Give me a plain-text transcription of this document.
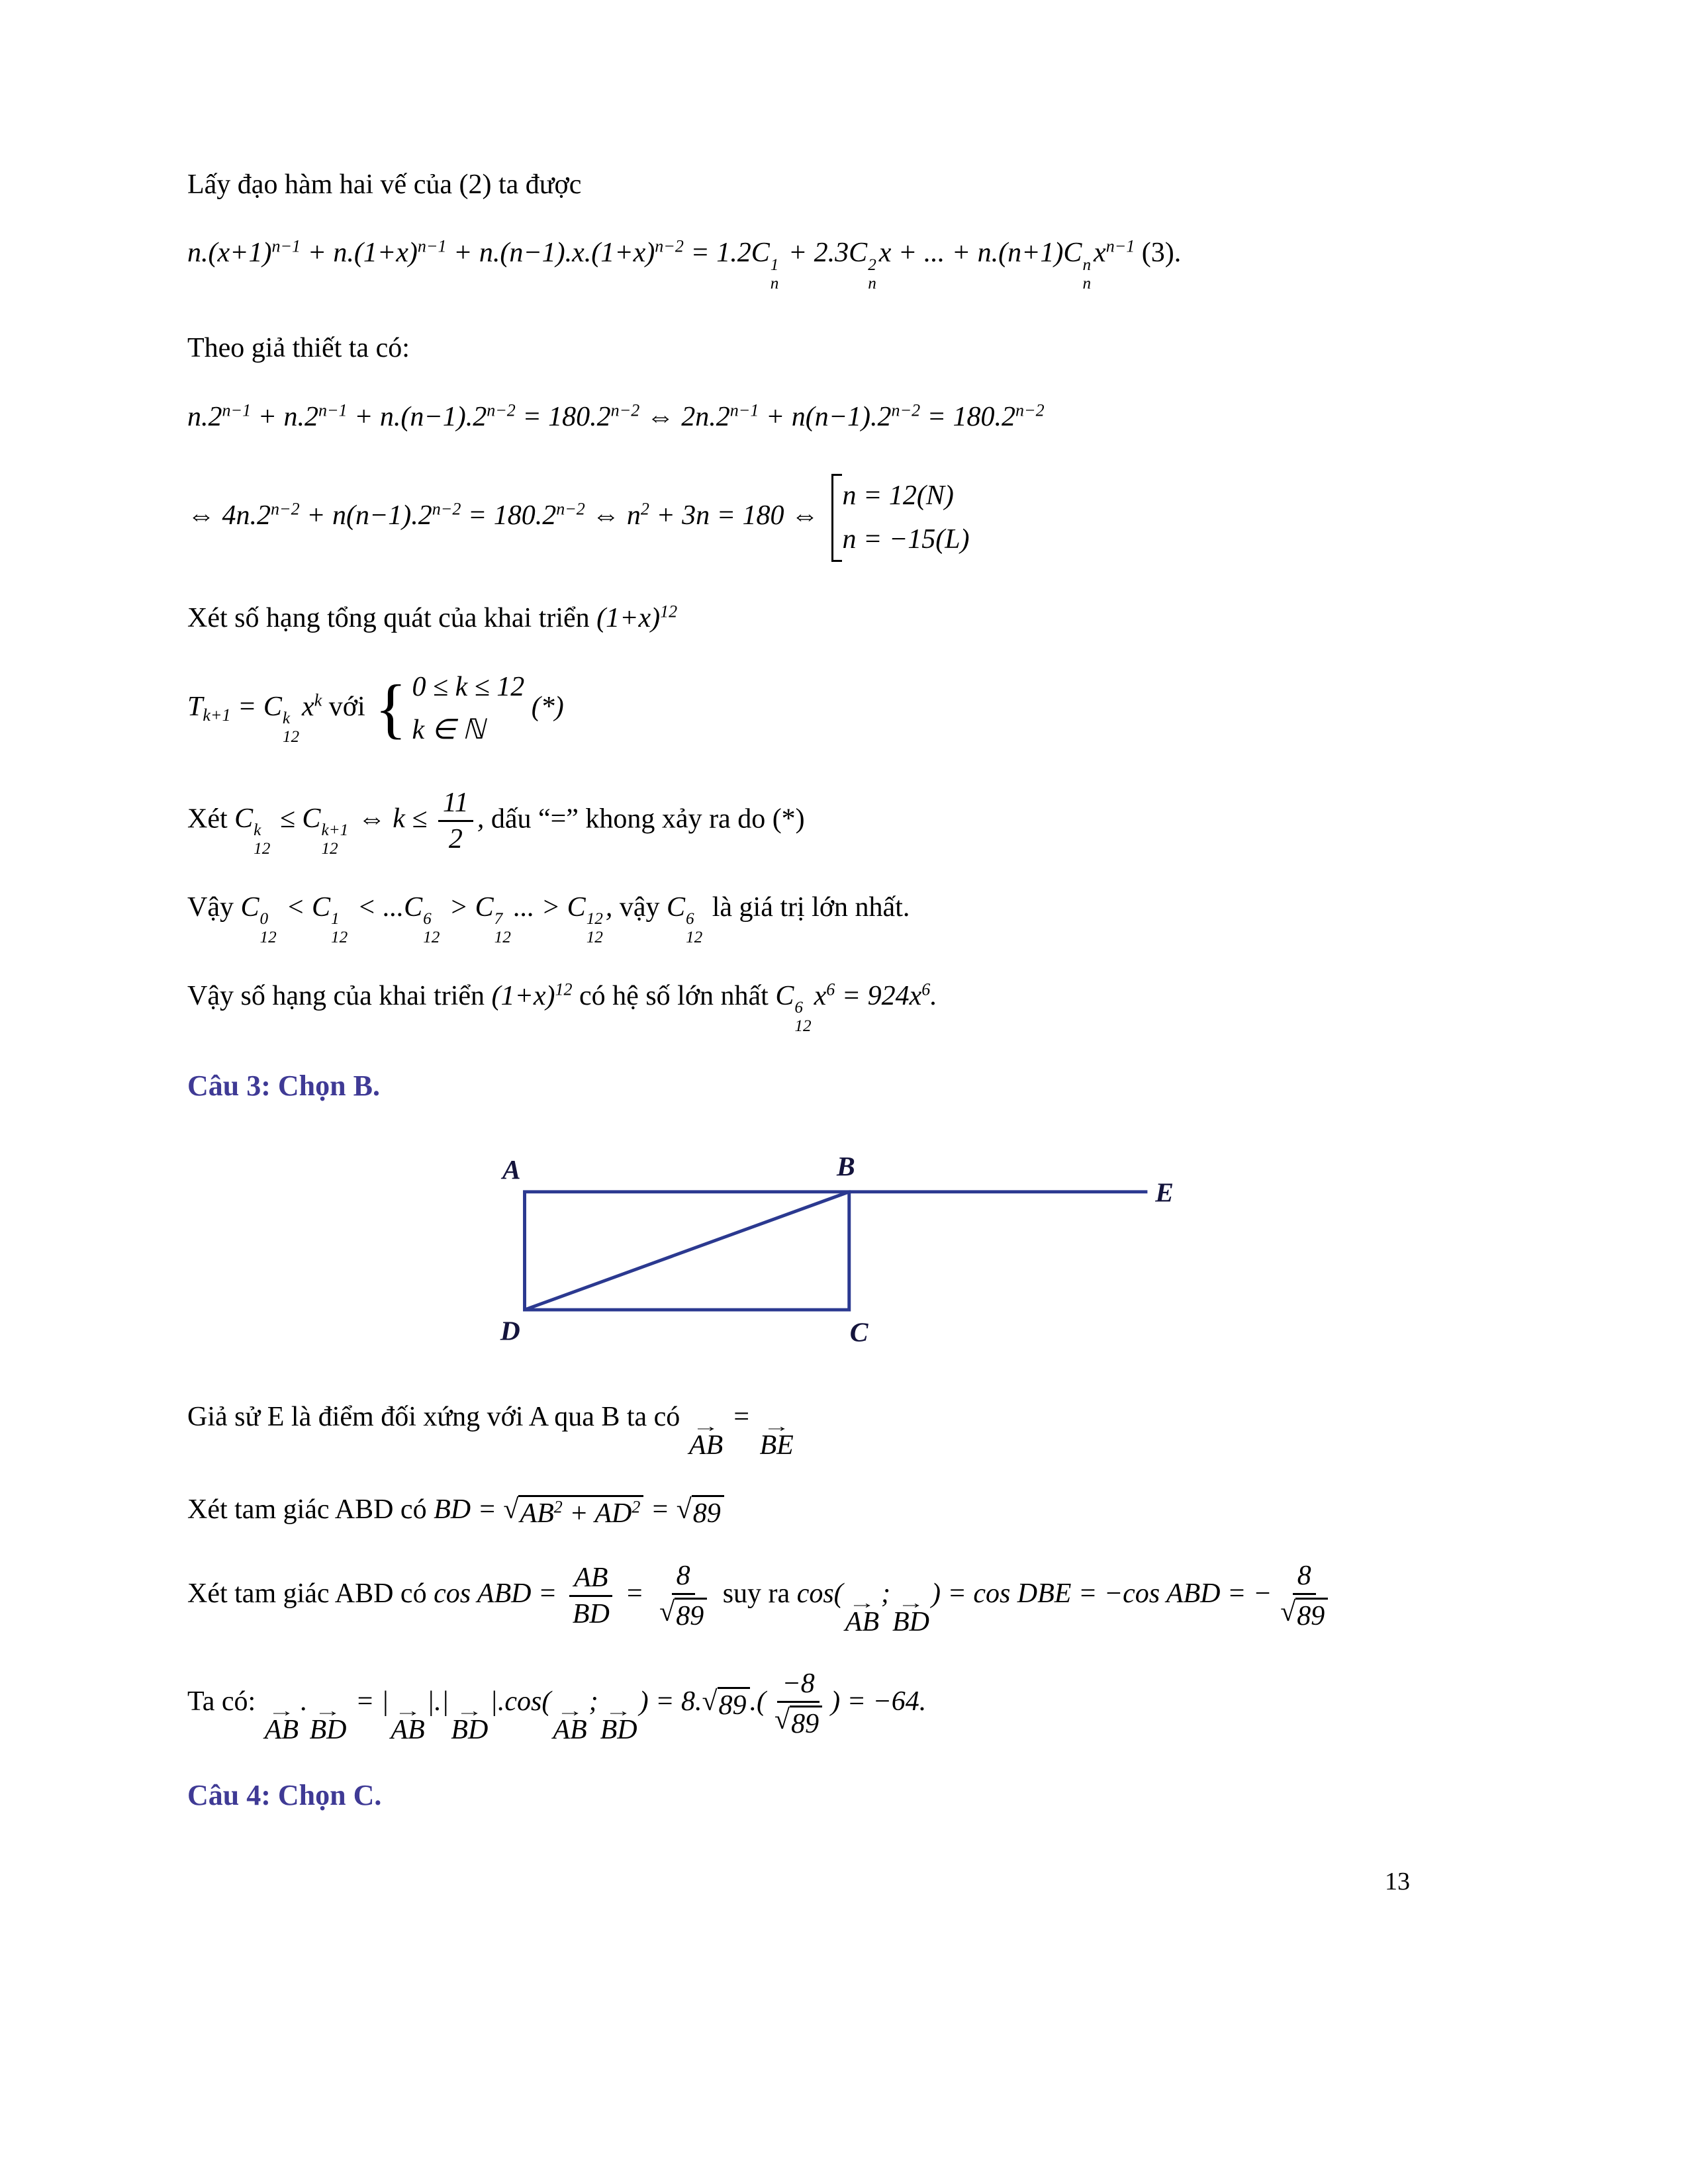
Lấy đạo hàm hai vế của (2) ta được

$n.(x+1)^{n-1} + n.(1+x)^{n-1} + n.(n-1).x.(1+x)^{n-2} = 1.2C$ 1
n
+ 2.3C 2
n
x + ... + n.(n+1)C n
n
$x^{n-1}$ (3).

Theo giả thiết ta có:

$n.2^{n-1} + n.2^{n-1} + n.(n-1).2^{n-2} = 180.2^{n-2}$ ⇔ $2n.2^{n-1} + n(n-1).2^{n-2} = 180.2^{n-2}$

⇔ $4n.2^{n-2} + n(n-1).2^{n-2} = 180.2^{n-2}$ ⇔ $n^2 + 3n = 180$ ⇔
n = 12(N)
n = −15(L)

Xét số hạng tổng quát của khai triển $(1+x)^{12}$

$T_{k+1} = C$ k
12
$x^k$ với { 0 ≤ k ≤ 12
k ∈ ℕ
(*)

Xét C k
12
≤ C k+1
12
⇔ $k \le \frac{11}{2}$ , dấu “=” khong xảy ra do (*)

Vậy C 0
12
< C 1
12
< ...C 6
12
> C 7
12
... > C 12
12
, vậy C 6
12
là giá trị lớn nhất.

Vậy số hạng của khai triển $(1+x)^{12}$ có hệ số lớn nhất C 6
12
$x^6 = 924x^6$.

Câu 3: Chọn B.

A	B
E
D	C

Giả sử E là điểm đối xứng với A qua B ta có →
AB
= →
BE

Xét tam giác ABD có BD = √ $AB^2 + AD^2$ = √ 89

Xét tam giác ABD có cos ABD = $\frac{AB}{BD} = \frac{8}{√ 89}$ suy ra cos( →
AB
; →
BD
) = cos DBE = −cos ABD = − $\frac{8}{√ 89}$

Ta có: →
AB
. →
BD
= | →
AB
|.| →
BD
|.cos( →
AB
; →
BD
) = 8. √ 89 .( $\frac{-8}{√ 89}$ ) = −64.

Câu 4: Chọn C.

13
